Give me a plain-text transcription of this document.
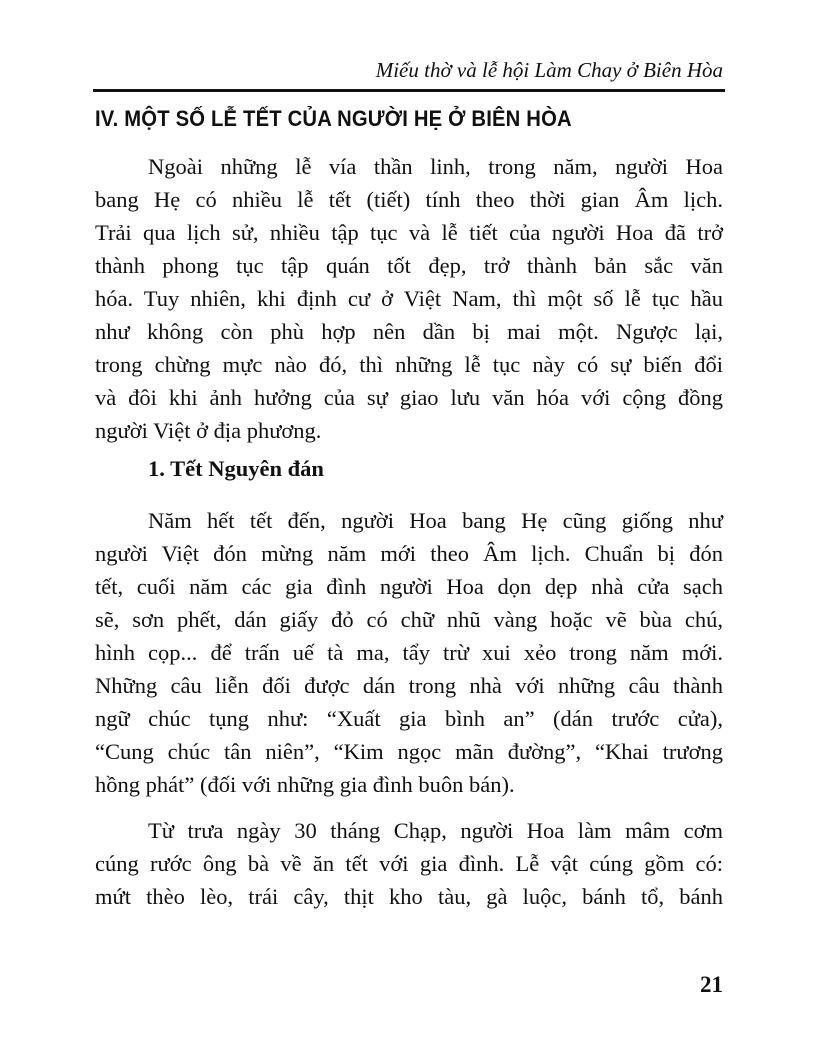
Miếu thờ và lễ hội Làm Chay ở Biên Hòa
IV. MỘT SỐ LỄ TẾT CỦA NGƯỜI HẸ Ở BIÊN HÒA
Ngoài những lễ vía thần linh, trong năm, người Hoa
bang Hẹ có nhiều lễ tết (tiết) tính theo thời gian Âm lịch.
Trải qua lịch sử, nhiều tập tục và lễ tiết của người Hoa đã trở
thành phong tục tập quán tốt đẹp, trở thành bản sắc văn
hóa. Tuy nhiên, khi định cư ở Việt Nam, thì một số lễ tục hầu
như không còn phù hợp nên dần bị mai một. Ngược lại,
trong chừng mực nào đó, thì những lễ tục này có sự biến đổi
và đôi khi ảnh hưởng của sự giao lưu văn hóa với cộng đồng
người Việt ở địa phương.
1. Tết Nguyên đán
Năm hết tết đến, người Hoa bang Hẹ cũng giống như
người Việt đón mừng năm mới theo Âm lịch. Chuẩn bị đón
tết, cuối năm các gia đình người Hoa dọn dẹp nhà cửa sạch
sẽ, sơn phết, dán giấy đỏ có chữ nhũ vàng hoặc vẽ bùa chú,
hình cọp... để trấn uế tà ma, tẩy trừ xui xẻo trong năm mới.
Những câu liễn đối được dán trong nhà với những câu thành
ngữ chúc tụng như: “Xuất gia bình an” (dán trước cửa),
“Cung chúc tân niên”, “Kim ngọc mãn đường”, “Khai trương
hồng phát” (đối với những gia đình buôn bán).
Từ trưa ngày 30 tháng Chạp, người Hoa làm mâm cơm
cúng rước ông bà về ăn tết với gia đình. Lễ vật cúng gồm có:
mứt thèo lèo, trái cây, thịt kho tàu, gà luộc, bánh tổ, bánh
21
